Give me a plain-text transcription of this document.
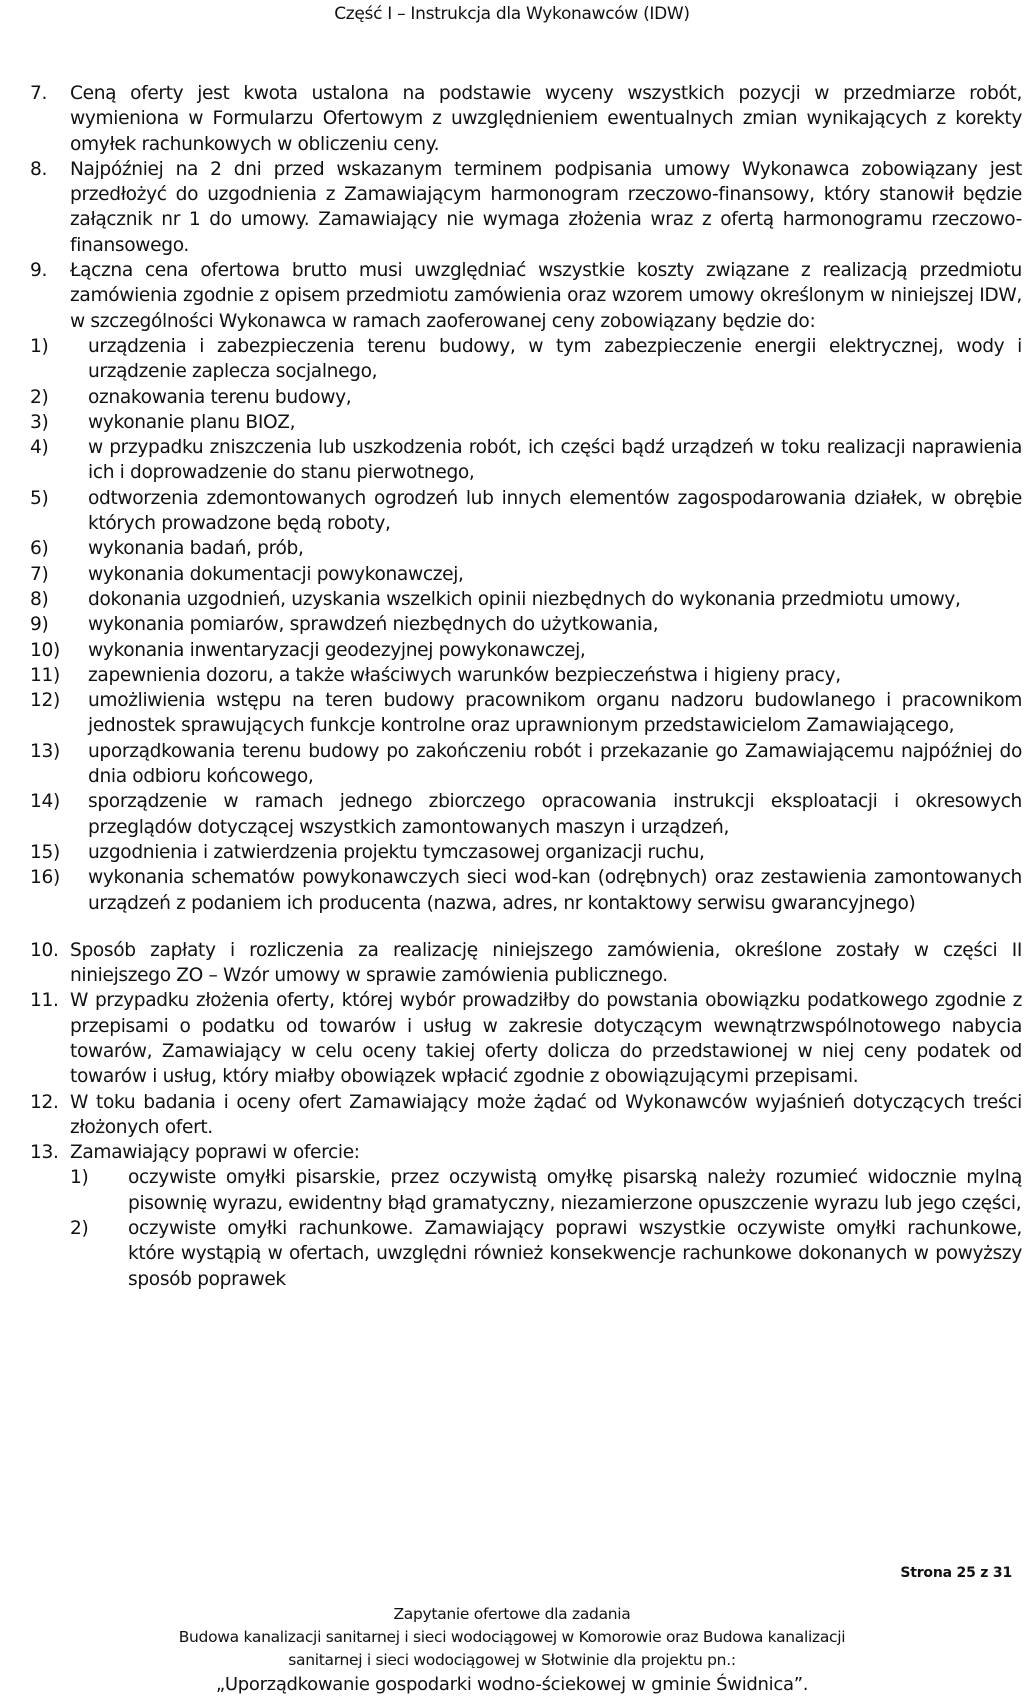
Część I – Instrukcja dla Wykonawców (IDW)
7. Ceną oferty jest kwota ustalona na podstawie wyceny wszystkich pozycji w przedmiarze robót, wymieniona w Formularzu Ofertowym z uwzględnieniem ewentualnych zmian wynikających z korekty omyłek rachunkowych w obliczeniu ceny.
8. Najpóźniej na 2 dni przed wskazanym terminem podpisania umowy Wykonawca zobowiązany jest przedłożyć do uzgodnienia z Zamawiającym harmonogram rzeczowo-finansowy, który stanowił będzie załącznik nr 1 do umowy. Zamawiający nie wymaga złożenia wraz z ofertą harmonogramu rzeczowo-finansowego.
9. Łączna cena ofertowa brutto musi uwzględniać wszystkie koszty związane z realizacją przedmiotu zamówienia zgodnie z opisem przedmiotu zamówienia oraz wzorem umowy określonym w niniejszej IDW, w szczególności Wykonawca w ramach zaoferowanej ceny zobowiązany będzie do:
1) urządzenia i zabezpieczenia terenu budowy, w tym zabezpieczenie energii elektrycznej, wody i urządzenie zaplecza socjalnego,
2) oznakowania terenu budowy,
3) wykonanie planu BIOZ,
4) w przypadku zniszczenia lub uszkodzenia robót, ich części bądź urządzeń w toku realizacji naprawienia ich i doprowadzenie do stanu pierwotnego,
5) odtworzenia zdemontowanych ogrodzeń lub innych elementów zagospodarowania działek, w obrębie których prowadzone będą roboty,
6) wykonania badań, prób,
7) wykonania dokumentacji powykonawczej,
8) dokonania uzgodnień, uzyskania wszelkich opinii niezbędnych do wykonania przedmiotu umowy,
9) wykonania pomiarów, sprawdzeń niezbędnych do użytkowania,
10) wykonania inwentaryzacji geodezyjnej powykonawczej,
11) zapewnienia dozoru, a także właściwych warunków bezpieczeństwa i higieny pracy,
12) umożliwienia wstępu na teren budowy pracownikom organu nadzoru budowlanego i pracownikom jednostek sprawujących funkcje kontrolne oraz uprawnionym przedstawicielom Zamawiającego,
13) uporządkowania terenu budowy po zakończeniu robót i przekazanie go Zamawiającemu najpóźniej do dnia odbioru końcowego,
14) sporządzenie w ramach jednego zbiorczego opracowania instrukcji eksploatacji i okresowych przeglądów dotyczącej wszystkich zamontowanych maszyn i urządzeń,
15) uzgodnienia i zatwierdzenia projektu tymczasowej organizacji ruchu,
16) wykonania schematów powykonawczych sieci wod-kan (odrębnych) oraz zestawienia zamontowanych urządzeń z podaniem ich producenta (nazwa, adres, nr kontaktowy serwisu gwarancyjnego)
10. Sposób zapłaty i rozliczenia za realizację niniejszego zamówienia, określone zostały w części II niniejszego ZO – Wzór umowy w sprawie zamówienia publicznego.
11. W przypadku złożenia oferty, której wybór prowadziłby do powstania obowiązku podatkowego zgodnie z przepisami o podatku od towarów i usług w zakresie dotyczącym wewnątrzwspólnotowego nabycia towarów, Zamawiający w celu oceny takiej oferty dolicza do przedstawionej w niej ceny podatek od towarów i usług, który miałby obowiązek wpłacić zgodnie z obowiązującymi przepisami.
12. W toku badania i oceny ofert Zamawiający może żądać od Wykonawców wyjaśnień dotyczących treści złożonych ofert.
13. Zamawiający poprawi w ofercie:
1) oczywiste omyłki pisarskie, przez oczywistą omyłkę pisarską należy rozumieć widocznie mylną pisownię wyrazu, ewidentny błąd gramatyczny, niezamierzone opuszczenie wyrazu lub jego części,
2) oczywiste omyłki rachunkowe. Zamawiający poprawi wszystkie oczywiste omyłki rachunkowe, które wystąpią w ofertach, uwzględni również konsekwencje rachunkowe dokonanych w powyższy sposób poprawek
Strona 25 z 31
Zapytanie ofertowe dla zadania
Budowa kanalizacji sanitarnej i sieci wodociągowej w Komorowie oraz Budowa kanalizacji
sanitarnej i sieci wodociągowej w Słotwinie dla projektu pn.:
„Uporządkowanie gospodarki wodno-ściekowej w gminie Świdnica”.
